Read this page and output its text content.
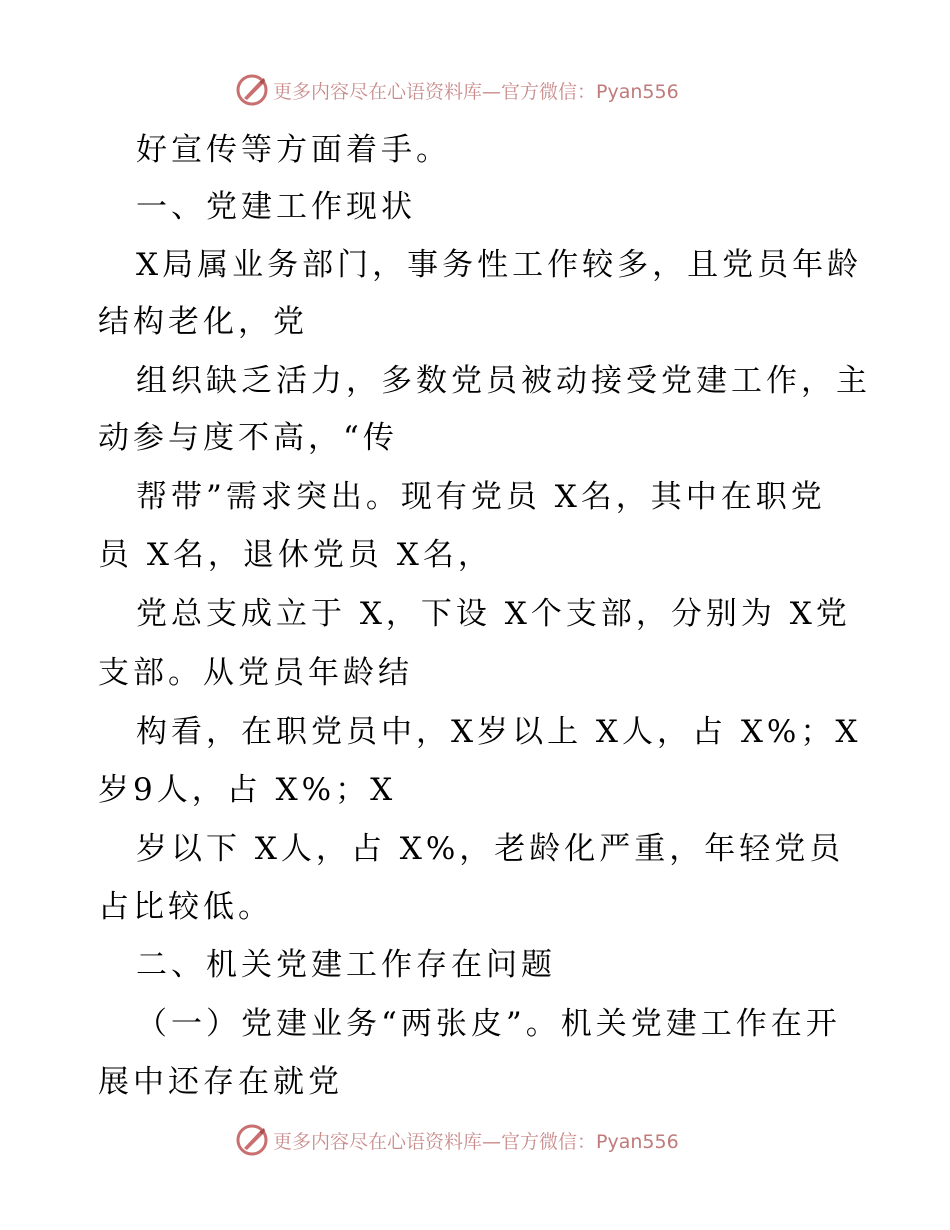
更多内容尽在心语资料库—官方微信：Pyan556
好宣传等方面着手。
一、党建工作现状
X局属业务部门，事务性工作较多，且党员年龄
结构老化，党
组织缺乏活力，多数党员被动接受党建工作，主
动参与度不高，“传
帮带”需求突出。现有党员 X名，其中在职党
员 X名，退休党员 X名，
党总支成立于 X，下设 X个支部，分别为 X党
支部。从党员年龄结
构看，在职党员中，X岁以上 X人，占 X%；X
岁9人，占 X%；X
岁以下 X人，占 X%，老龄化严重，年轻党员
占比较低。
二、机关党建工作存在问题
（一）党建业务“两张皮”。机关党建工作在开
展中还存在就党
更多内容尽在心语资料库—官方微信：Pyan556
